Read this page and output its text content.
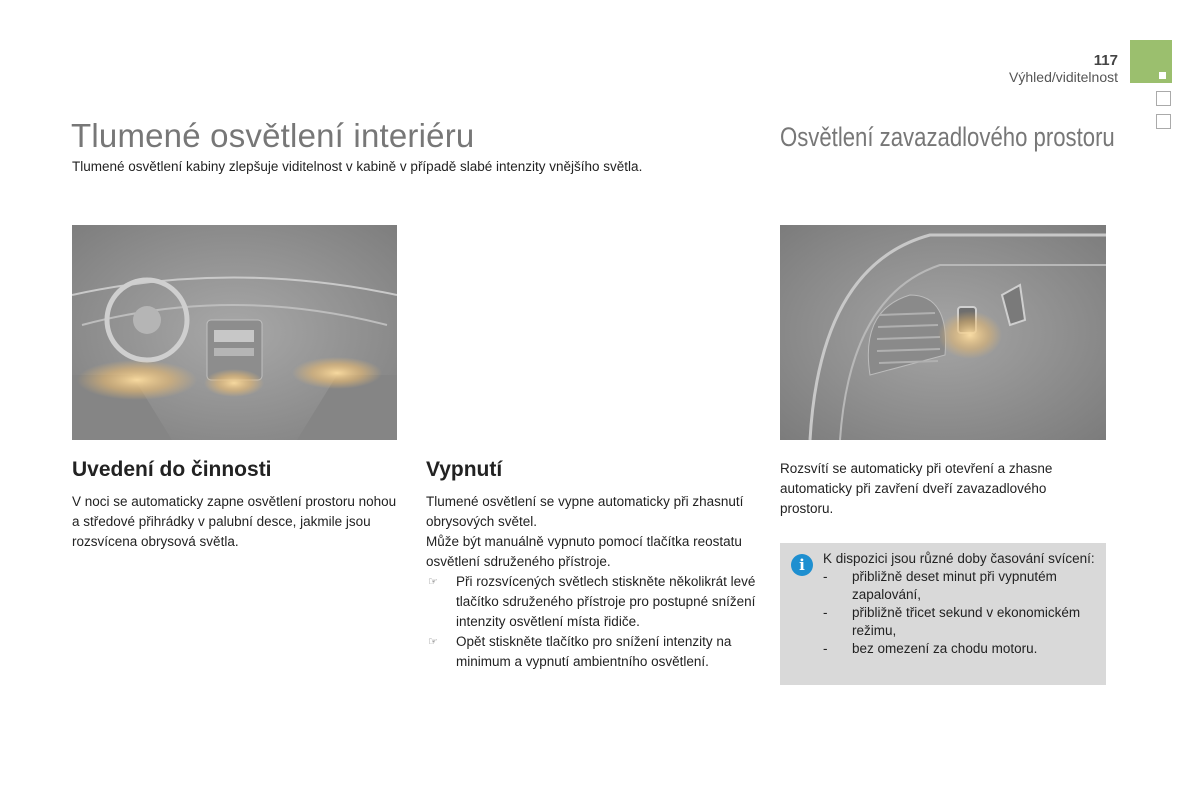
117
Výhled/viditelnost
Tlumené osvětlení interiéru
Tlumené osvětlení kabiny zlepšuje viditelnost v kabině v případě slabé intenzity vnějšího světla.
Osvětlení zavazadlového prostoru
Uvedení do činnosti
V noci se automaticky zapne osvětlení prostoru nohou a středové přihrádky v palubní desce, jakmile jsou rozsvícena obrysová světla.
Vypnutí
Tlumené osvětlení se vypne automaticky při zhasnutí obrysových světel.
Může být manuálně vypnuto pomocí tlačítka reostatu osvětlení sdruženého přístroje.
☞	Při rozsvícených světlech stiskněte několikrát levé tlačítko sdruženého přístroje pro postupné snížení intenzity osvětlení místa řidiče.
☞	Opět stiskněte tlačítko pro snížení intenzity na minimum a vypnutí ambientního osvětlení.
Rozsvítí se automaticky při otevření a zhasne automaticky při zavření dveří zavazadlového prostoru.
i	K dispozici jsou různé doby časování svícení:
-	přibližně deset minut při vypnutém zapalování,
-	přibližně třicet sekund v ekonomickém režimu,
-	bez omezení za chodu motoru.
